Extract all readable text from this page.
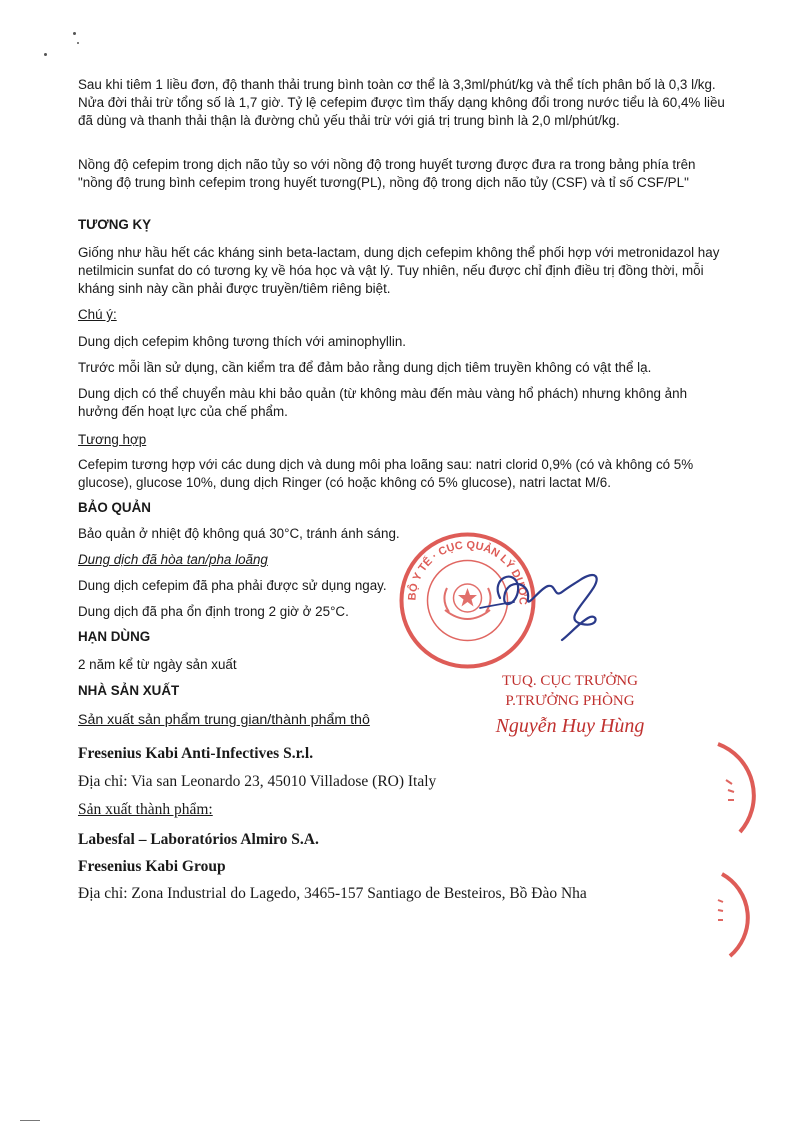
Sau khi tiêm 1 liều đơn, độ thanh thải trung bình toàn cơ thể là 3,3ml/phút/kg và thể tích phân bố là 0,3 l/kg. Nửa đời thải trừ tổng số là 1,7 giờ. Tỷ lệ cefepim được tìm thấy dạng không đổi trong nước tiểu là 60,4% liều đã dùng và thanh thải thận là đường chủ yếu thải trừ với giá trị trung bình là 2,0 ml/phút/kg.

Nồng độ cefepim trong dịch não tủy so với nồng độ trong huyết tương được đưa ra trong bảng phía trên "nồng độ trung bình cefepim trong huyết tương(PL), nồng độ trong dịch não tủy (CSF) và tỉ số CSF/PL"

TƯƠNG KỴ

Giống như hầu hết các kháng sinh beta-lactam, dung dịch cefepim không thể phối hợp với metronidazol hay netilmicin sunfat do có tương kỵ về hóa học và vật lý. Tuy nhiên, nếu được chỉ định điều trị đồng thời, mỗi kháng sinh này cần phải được truyền/tiêm riêng biệt.

Chú ý:

Dung dịch cefepim không tương thích với aminophyllin.

Trước mỗi lần sử dụng, cần kiểm tra để đảm bảo rằng dung dịch tiêm truyền không có vật thể lạ.

Dung dịch có thể chuyển màu khi bảo quản (từ không màu đến màu vàng hổ phách) nhưng không ảnh hưởng đến hoạt lực của chế phẩm.

Tương hợp

Cefepim tương hợp với các dung dịch và dung môi pha loãng sau: natri clorid 0,9% (có và không có 5% glucose), glucose 10%, dung dịch Ringer (có hoặc không có 5% glucose), natri lactat M/6.

BẢO QUẢN

Bảo quản ở nhiệt độ không quá 30°C, tránh ánh sáng.

Dung dịch đã hòa tan/pha loãng

Dung dịch cefepim đã pha phải được sử dụng ngay.

Dung dịch đã pha ổn định trong 2 giờ ở 25°C.

HẠN DÙNG

2 năm kể từ ngày sản xuất

NHÀ SẢN XUẤT

Sản xuất sản phẩm trung gian/thành phẩm thô

Fresenius Kabi Anti-Infectives S.r.l.

Địa chỉ: Via san Leonardo 23, 45010 Villadose (RO) Italy

Sản xuất thành phẩm:

Labesfal – Laboratórios Almiro S.A.

Fresenius Kabi Group

Địa chỉ: Zona Industrial do Lagedo, 3465-157 Santiago de Besteiros, Bồ Đào Nha

BỘ Y TẾ · CỤC QUẢN LÝ DƯỢC
TUQ. CỤC TRƯỞNG
P.TRƯỞNG PHÒNG
Nguyễn Huy Hùng
